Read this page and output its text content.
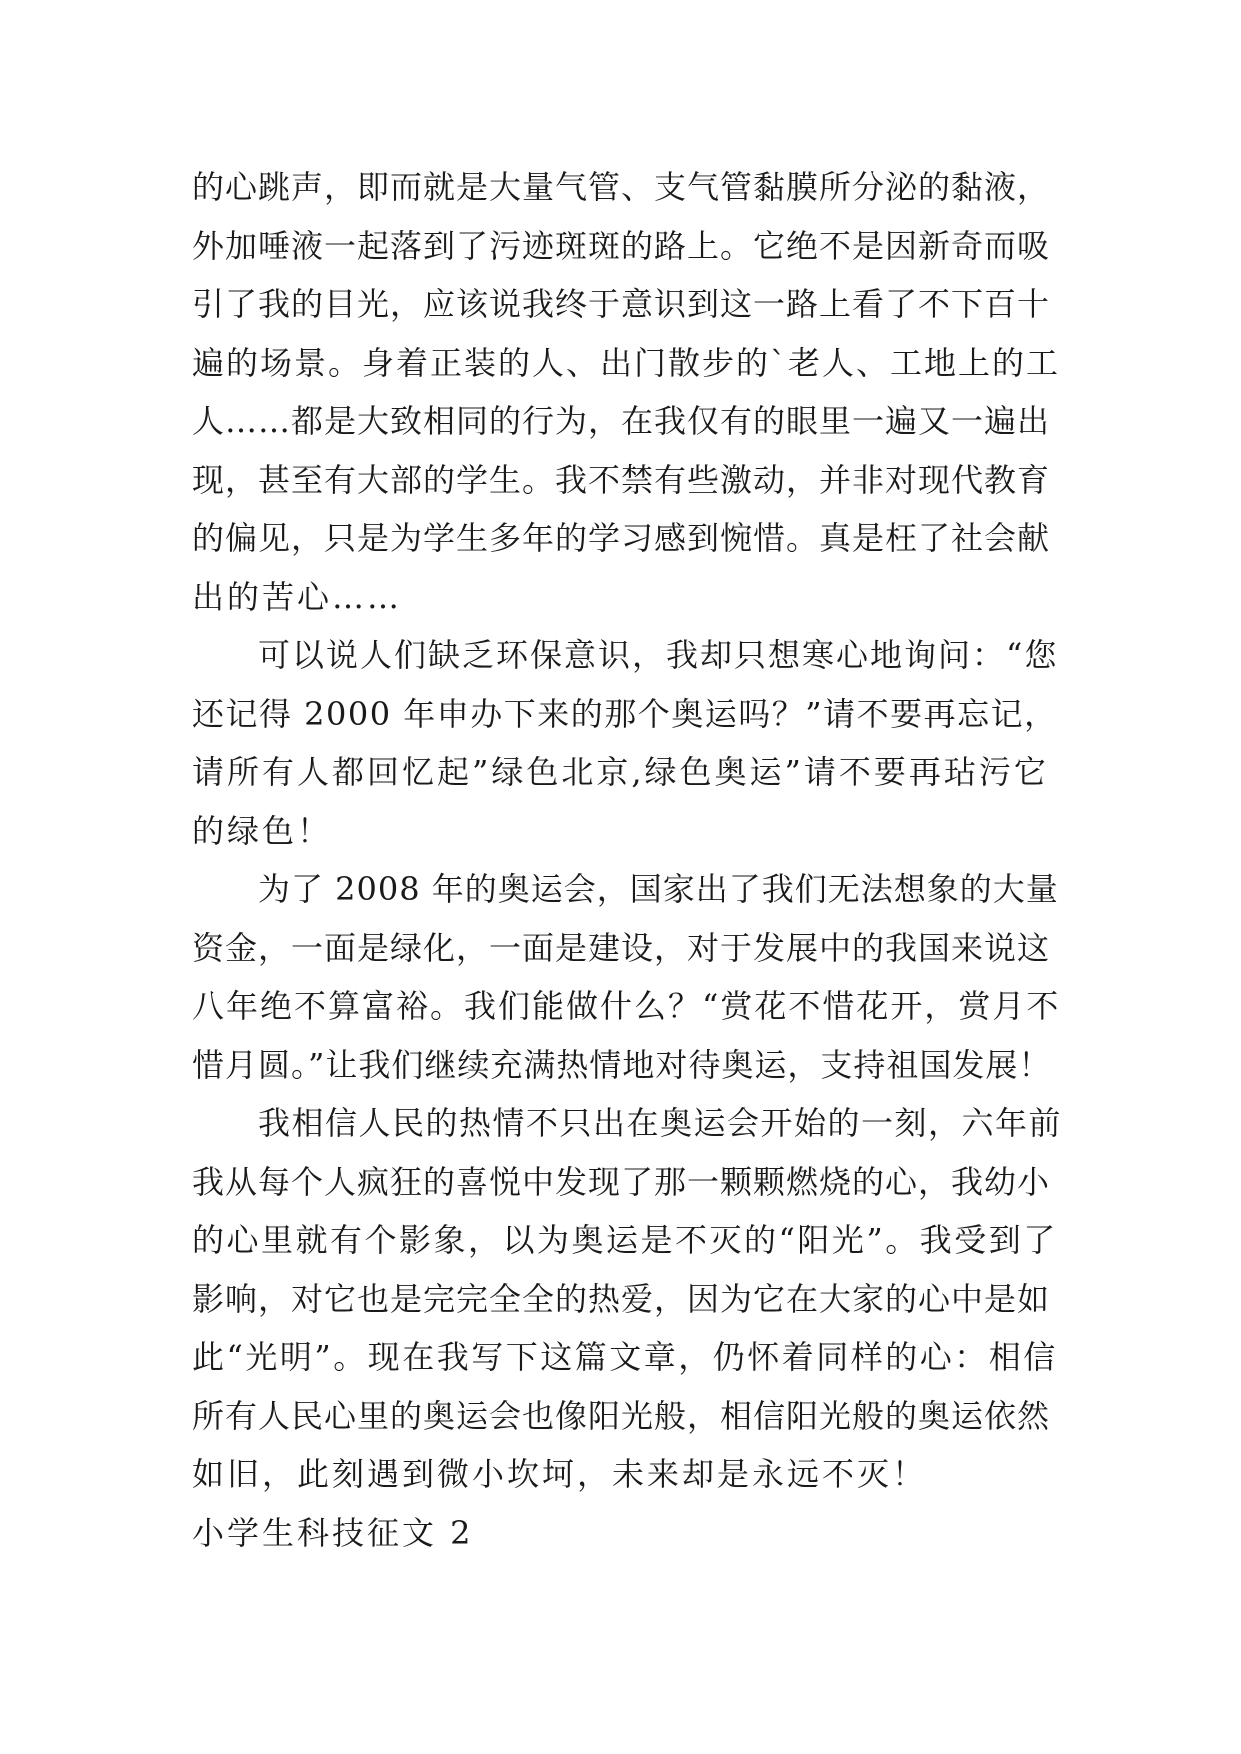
的心跳声，即而就是大量气管、支气管黏膜所分泌的黏液，
外加唾液一起落到了污迹斑斑的路上。它绝不是因新奇而吸
引了我的目光，应该说我终于意识到这一路上看了不下百十
遍的场景。身着正装的人、出门散步的`老人、工地上的工
人……都是大致相同的行为，在我仅有的眼里一遍又一遍出
现，甚至有大部的学生。我不禁有些激动，并非对现代教育
的偏见，只是为学生多年的学习感到惋惜。真是枉了社会献
出的苦心……
可以说人们缺乏环保意识，我却只想寒心地询问：“您
还记得 2000 年申办下来的那个奥运吗？”请不要再忘记，
请所有人都回忆起”绿色北京,绿色奥运”请不要再玷污它
的绿色！
为了 2008 年的奥运会，国家出了我们无法想象的大量
资金，一面是绿化，一面是建设，对于发展中的我国来说这
八年绝不算富裕。我们能做什么？“赏花不惜花开，赏月不
惜月圆。”让我们继续充满热情地对待奥运，支持祖国发展！
我相信人民的热情不只出在奥运会开始的一刻，六年前
我从每个人疯狂的喜悦中发现了那一颗颗燃烧的心，我幼小
的心里就有个影象，以为奥运是不灭的“阳光”。我受到了
影响，对它也是完完全全的热爱，因为它在大家的心中是如
此“光明”。现在我写下这篇文章，仍怀着同样的心：相信
所有人民心里的奥运会也像阳光般，相信阳光般的奥运依然
如旧，此刻遇到微小坎坷，未来却是永远不灭！
小学生科技征文 2
